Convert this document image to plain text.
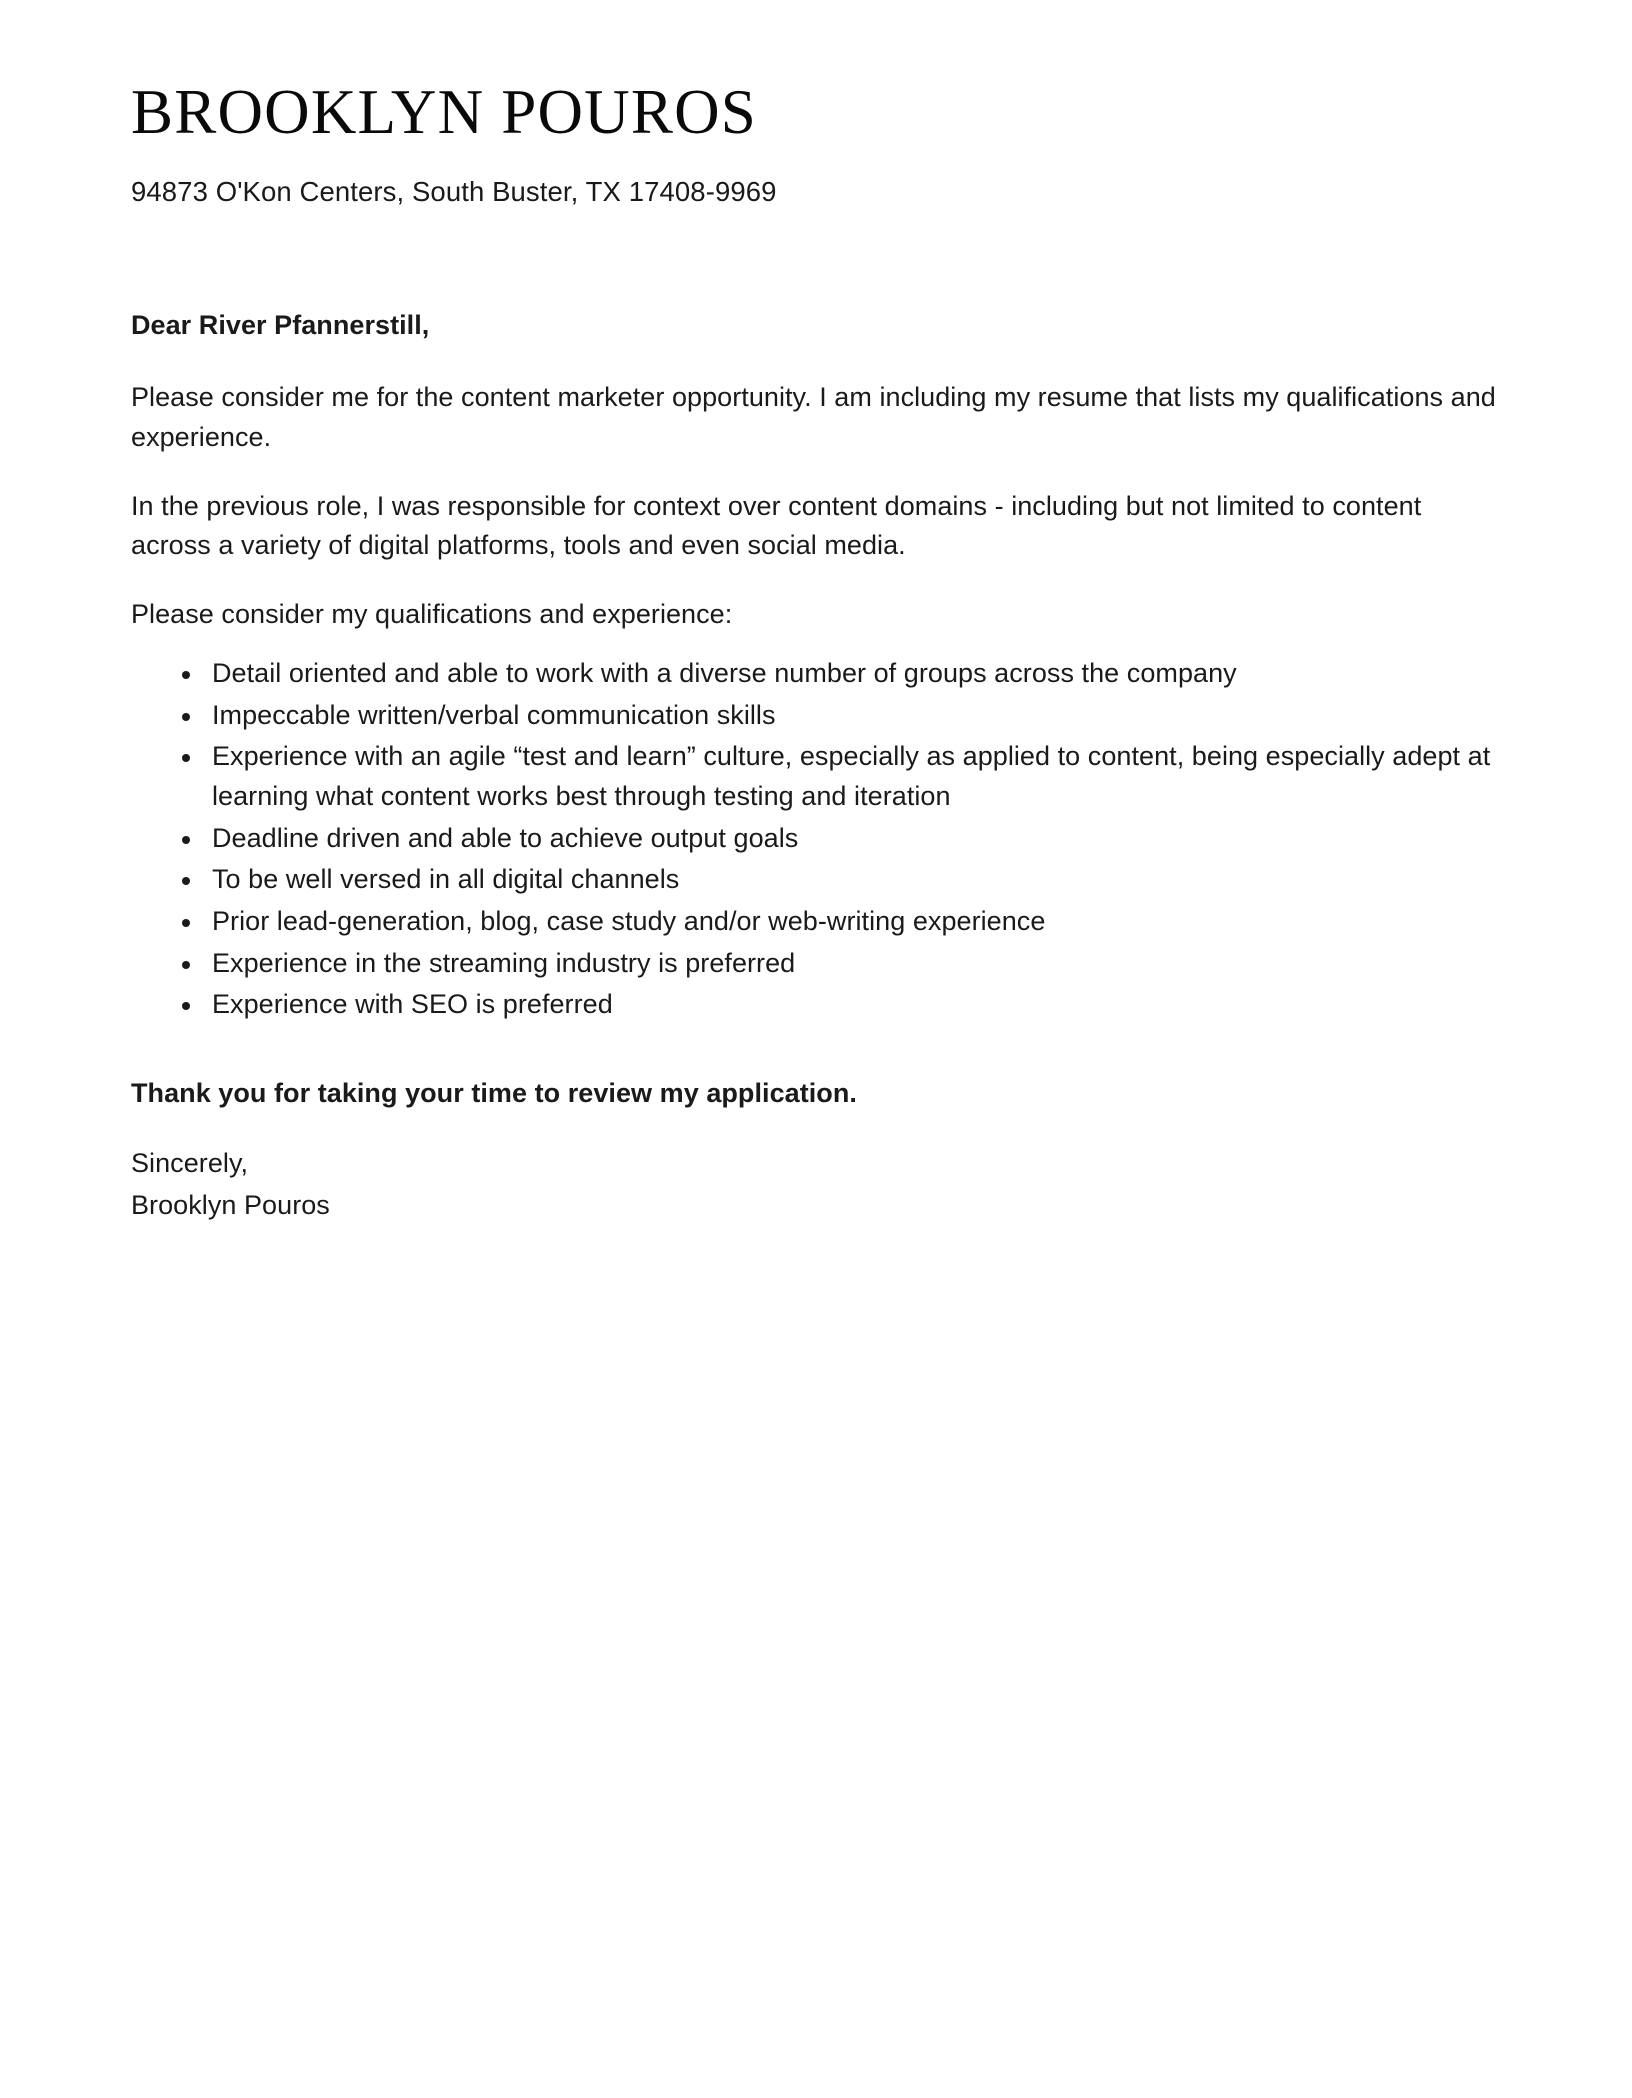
BROOKLYN POUROS

94873 O'Kon Centers, South Buster, TX 17408-9969

Dear River Pfannerstill,

Please consider me for the content marketer opportunity. I am including my resume that lists my qualifications and experience.

In the previous role, I was responsible for context over content domains - including but not limited to content across a variety of digital platforms, tools and even social media.

Please consider my qualifications and experience:

Detail oriented and able to work with a diverse number of groups across the company
Impeccable written/verbal communication skills
Experience with an agile “test and learn” culture, especially as applied to content, being especially adept at learning what content works best through testing and iteration
Deadline driven and able to achieve output goals
To be well versed in all digital channels
Prior lead-generation, blog, case study and/or web-writing experience
Experience in the streaming industry is preferred
Experience with SEO is preferred

Thank you for taking your time to review my application.

Sincerely,

Brooklyn Pouros
